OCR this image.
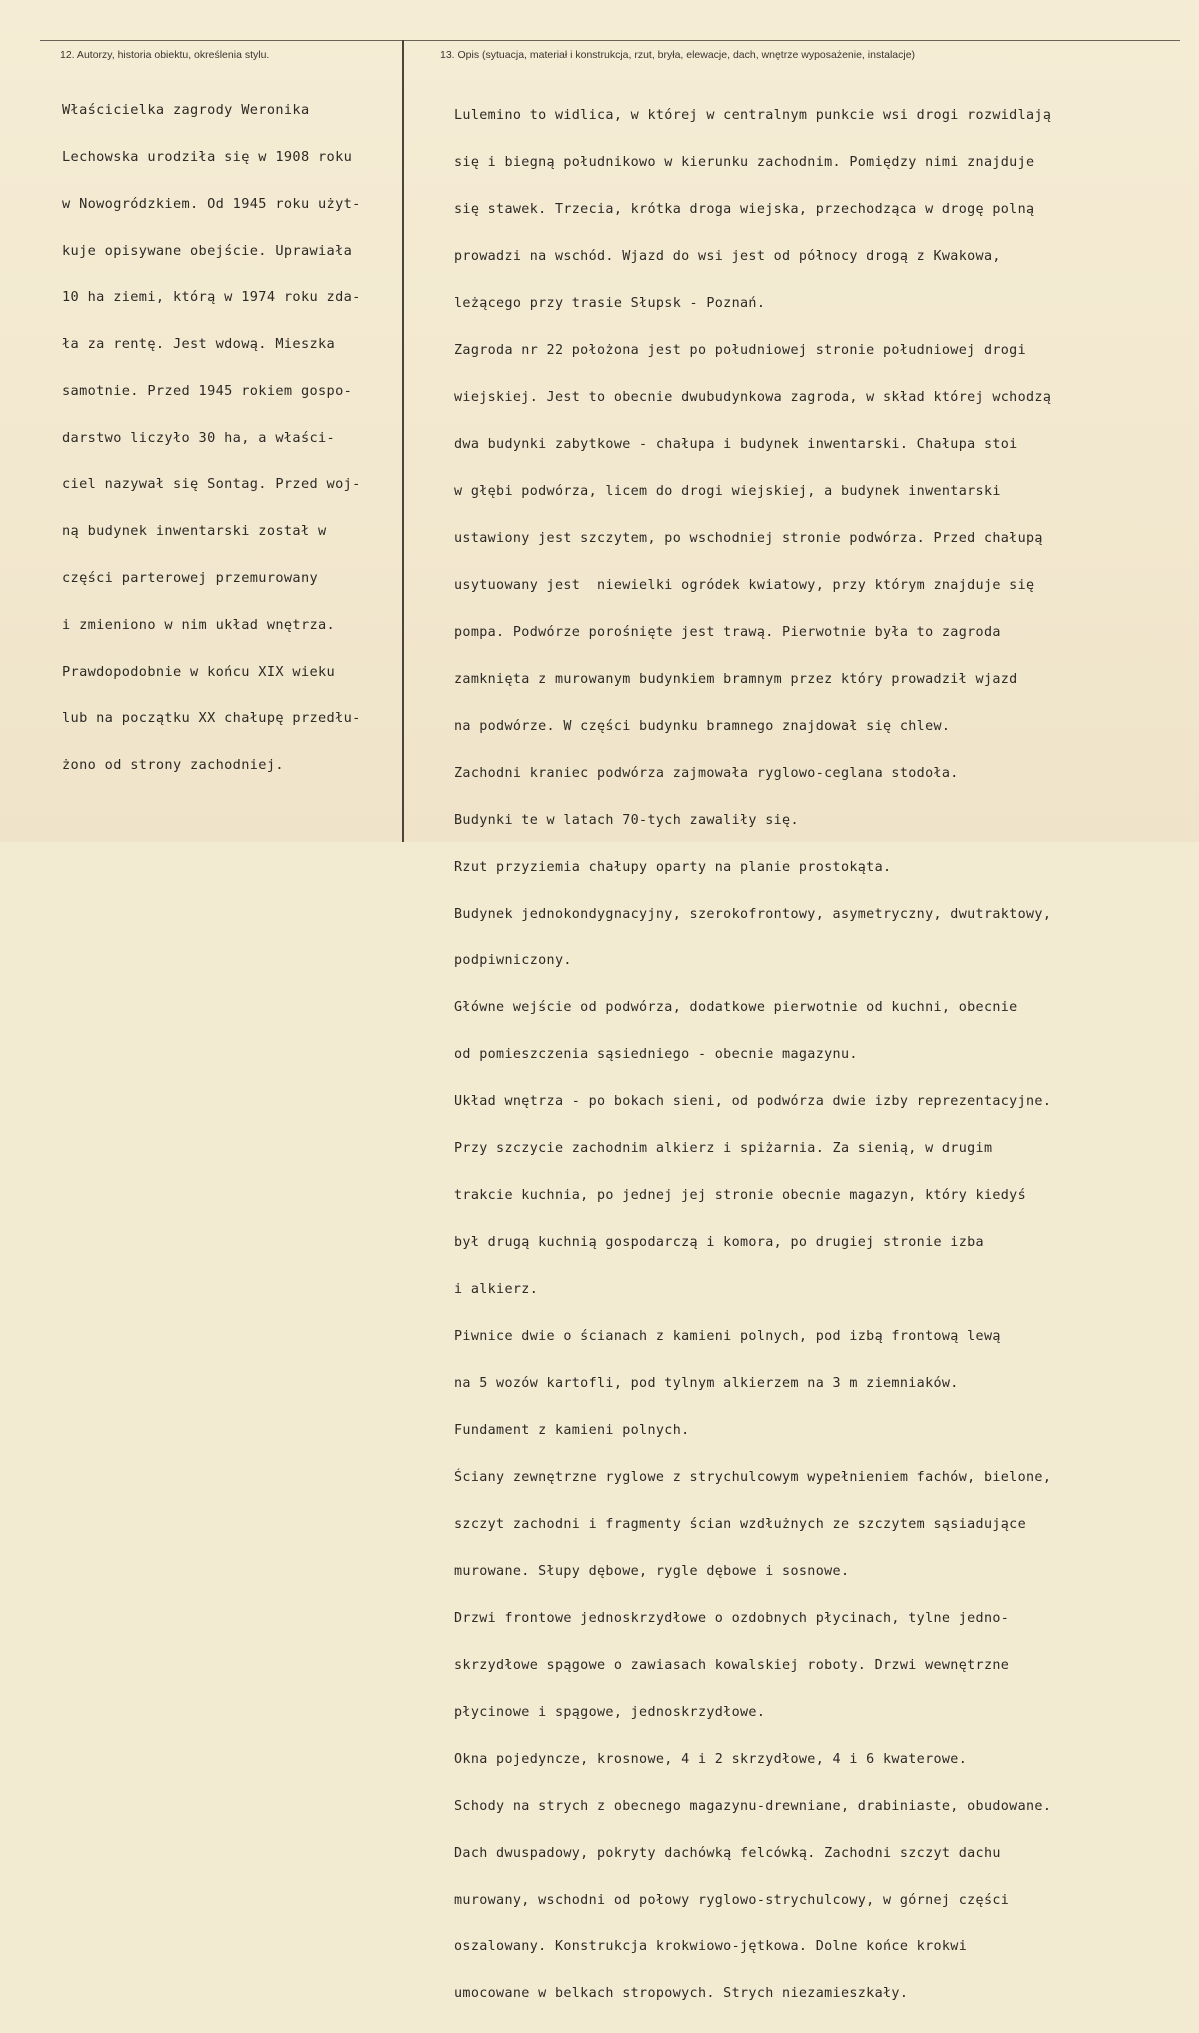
12. Autorzy, historia obiektu, określenia stylu.	13. Opis (sytuacja, materiał i konstrukcja, rzut, bryła, elewacje, dach, wnętrze wyposażenie, instalacje)

Właścicielka zagrody Weronika

Lechowska urodziła się w 1908 roku

w Nowogródzkiem. Od 1945 roku użyt-

kuje opisywane obejście. Uprawiała

10 ha ziemi, którą w 1974 roku zda-

ła za rentę. Jest wdową. Mieszka

samotnie. Przed 1945 rokiem gospo-

darstwo liczyło 30 ha, a właści-

ciel nazywał się Sontag. Przed woj-

ną budynek inwentarski został w

części parterowej przemurowany

i zmieniono w nim układ wnętrza.

Prawdopodobnie w końcu XIX wieku

lub na początku XX chałupę przedłu-

żono od strony zachodniej.

Lulemino to widlica, w której w centralnym punkcie wsi drogi rozwidlają

się i biegną południkowo w kierunku zachodnim. Pomiędzy nimi znajduje

się stawek. Trzecia, krótka droga wiejska, przechodząca w drogę polną

prowadzi na wschód. Wjazd do wsi jest od północy drogą z Kwakowa,

leżącego przy trasie Słupsk - Poznań.

Zagroda nr 22 położona jest po południowej stronie południowej drogi

wiejskiej. Jest to obecnie dwubudynkowa zagroda, w skład której wchodzą

dwa budynki zabytkowe - chałupa i budynek inwentarski. Chałupa stoi

w głębi podwórza, licem do drogi wiejskiej, a budynek inwentarski

ustawiony jest szczytem, po wschodniej stronie podwórza. Przed chałupą

usytuowany jest  niewielki ogródek kwiatowy, przy którym znajduje się

pompa. Podwórze porośnięte jest trawą. Pierwotnie była to zagroda

zamknięta z murowanym budynkiem bramnym przez który prowadził wjazd

na podwórze. W części budynku bramnego znajdował się chlew.

Zachodni kraniec podwórza zajmowała ryglowo-ceglana stodoła.

Budynki te w latach 70-tych zawaliły się.

Rzut przyziemia chałupy oparty na planie prostokąta.

Budynek jednokondygnacyjny, szerokofrontowy, asymetryczny, dwutraktowy,

podpiwniczony.

Główne wejście od podwórza, dodatkowe pierwotnie od kuchni, obecnie

od pomieszczenia sąsiedniego - obecnie magazynu.

Układ wnętrza - po bokach sieni, od podwórza dwie izby reprezentacyjne.

Przy szczycie zachodnim alkierz i spiżarnia. Za sienią, w drugim

trakcie kuchnia, po jednej jej stronie obecnie magazyn, który kiedyś

był drugą kuchnią gospodarczą i komora, po drugiej stronie izba

i alkierz.

Piwnice dwie o ścianach z kamieni polnych, pod izbą frontową lewą

na 5 wozów kartofli, pod tylnym alkierzem na 3 m ziemniaków.

Fundament z kamieni polnych.

Ściany zewnętrzne ryglowe z strychulcowym wypełnieniem fachów, bielone,

szczyt zachodni i fragmenty ścian wzdłużnych ze szczytem sąsiadujące

murowane. Słupy dębowe, rygle dębowe i sosnowe.

Drzwi frontowe jednoskrzydłowe o ozdobnych płycinach, tylne jedno-

skrzydłowe spągowe o zawiasach kowalskiej roboty. Drzwi wewnętrzne

płycinowe i spągowe, jednoskrzydłowe.

Okna pojedyncze, krosnowe, 4 i 2 skrzydłowe, 4 i 6 kwaterowe.

Schody na strych z obecnego magazynu-drewniane, drabiniaste, obudowane.

Dach dwuspadowy, pokryty dachówką felcówką. Zachodni szczyt dachu

murowany, wschodni od połowy ryglowo-strychulcowy, w górnej części

oszalowany. Konstrukcja krokwiowo-jętkowa. Dolne końce krokwi

umocowane w belkach stropowych. Strych niezamieszkały.
